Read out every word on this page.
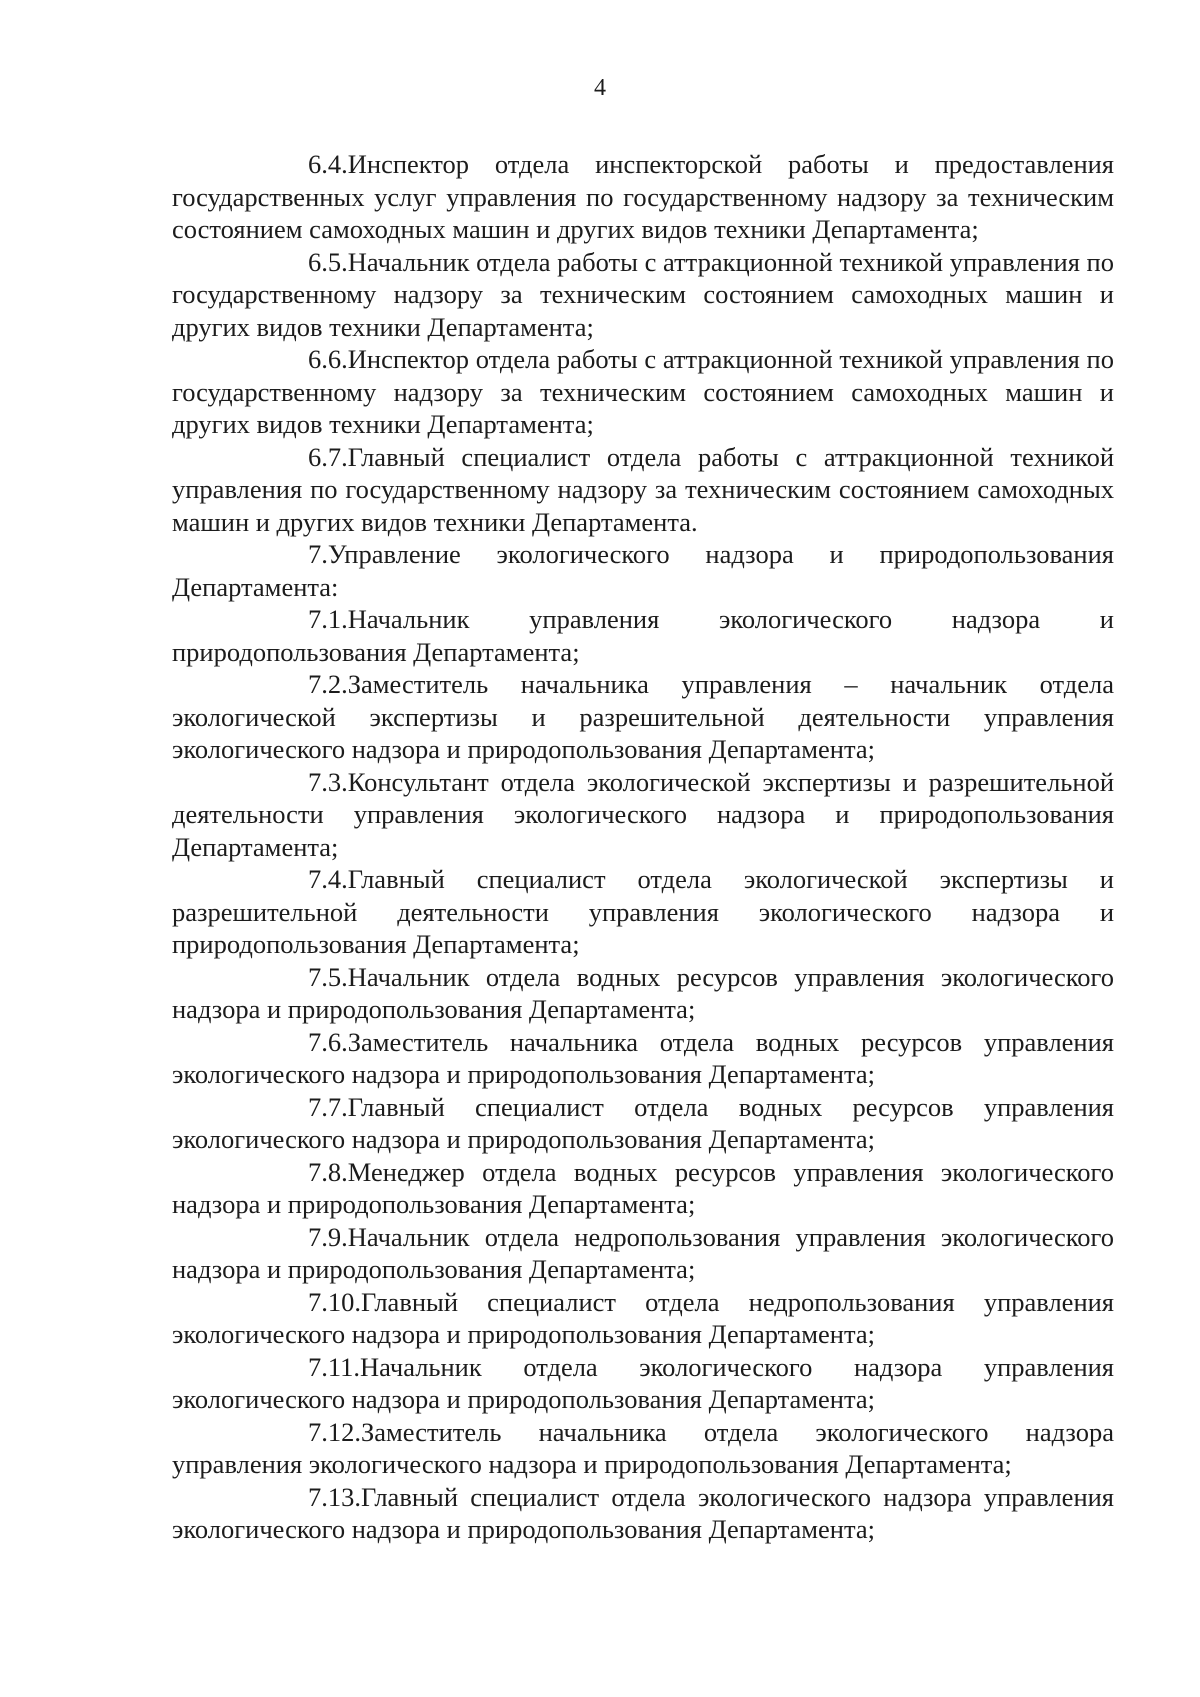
4

6.4.Инспектор отдела инспекторской работы и предоставления государственных услуг управления по государственному надзору за техническим состоянием самоходных машин и других видов техники Департамента;

6.5.Начальник отдела работы с аттракционной техникой управления по государственному надзору за техническим состоянием самоходных машин и других видов техники Департамента;

6.6.Инспектор отдела работы с аттракционной техникой управления по государственному надзору за техническим состоянием самоходных машин и других видов техники Департамента;

6.7.Главный специалист отдела работы с аттракционной техникой управления по государственному надзору за техническим состоянием самоходных машин и других видов техники Департамента.

7.Управление экологического надзора и природопользования Департамента:

7.1.Начальник управления экологического надзора и природопользования Департамента;

7.2.Заместитель начальника управления – начальник отдела экологической экспертизы и разрешительной деятельности управления экологического надзора и природопользования Департамента;

7.3.Консультант отдела экологической экспертизы и разрешительной деятельности управления экологического надзора и природопользования Департамента;

7.4.Главный специалист отдела экологической экспертизы и разрешительной деятельности управления экологического надзора и природопользования Департамента;

7.5.Начальник отдела водных ресурсов управления экологического надзора и природопользования Департамента;

7.6.Заместитель начальника отдела водных ресурсов управления экологического надзора и природопользования Департамента;

7.7.Главный специалист отдела водных ресурсов управления экологического надзора и природопользования Департамента;

7.8.Менеджер отдела водных ресурсов управления экологического надзора и природопользования Департамента;

7.9.Начальник отдела недропользования управления экологического надзора и природопользования Департамента;

7.10.Главный специалист отдела недропользования управления экологического надзора и природопользования Департамента;

7.11.Начальник отдела экологического надзора управления экологического надзора и природопользования Департамента;

7.12.Заместитель начальника отдела экологического надзора управления экологического надзора и природопользования Департамента;

7.13.Главный специалист отдела экологического надзора управления экологического надзора и природопользования Департамента;
